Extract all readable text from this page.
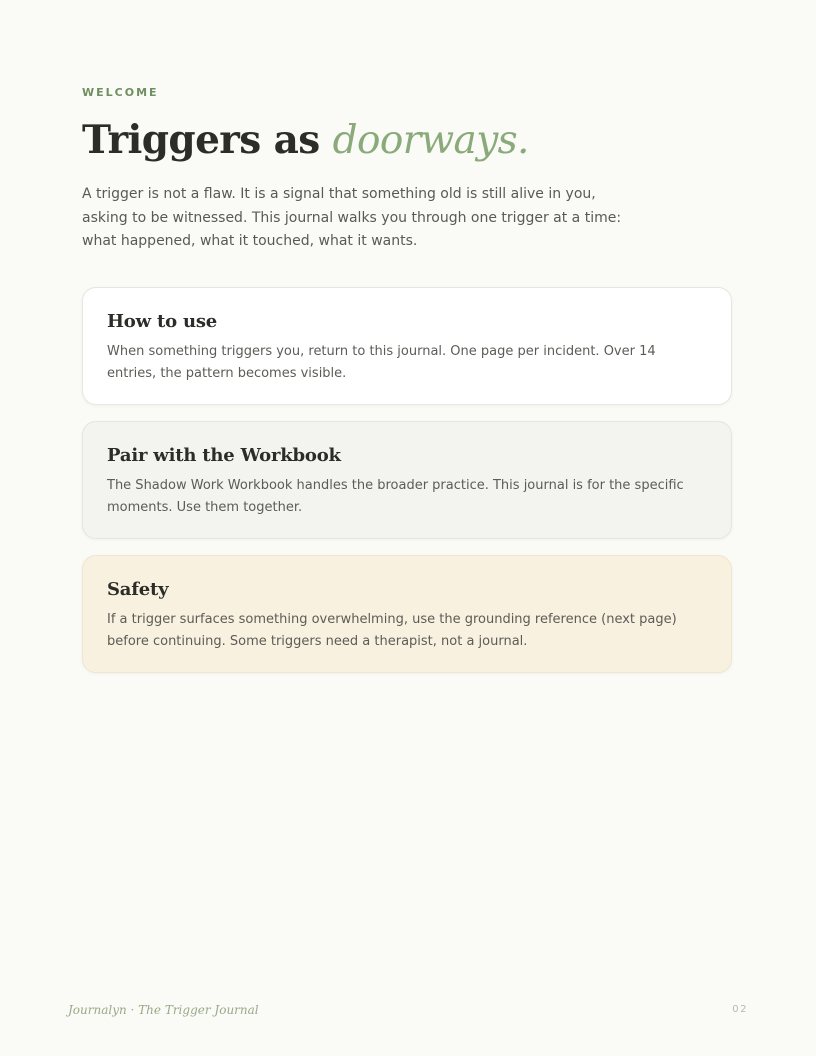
WELCOME
Triggers as doorways.

A trigger is not a flaw. It is a signal that something old is still alive in you, asking to be witnessed. This journal walks you through one trigger at a time: what happened, what it touched, what it wants.

How to use

When something triggers you, return to this journal. One page per incident. Over 14 entries, the pattern becomes visible.

Pair with the Workbook

The Shadow Work Workbook handles the broader practice. This journal is for the specific moments. Use them together.

Safety

If a trigger surfaces something overwhelming, use the grounding reference (next page) before continuing. Some triggers need a therapist, not a journal.

Journalyn · The Trigger Journal	02
